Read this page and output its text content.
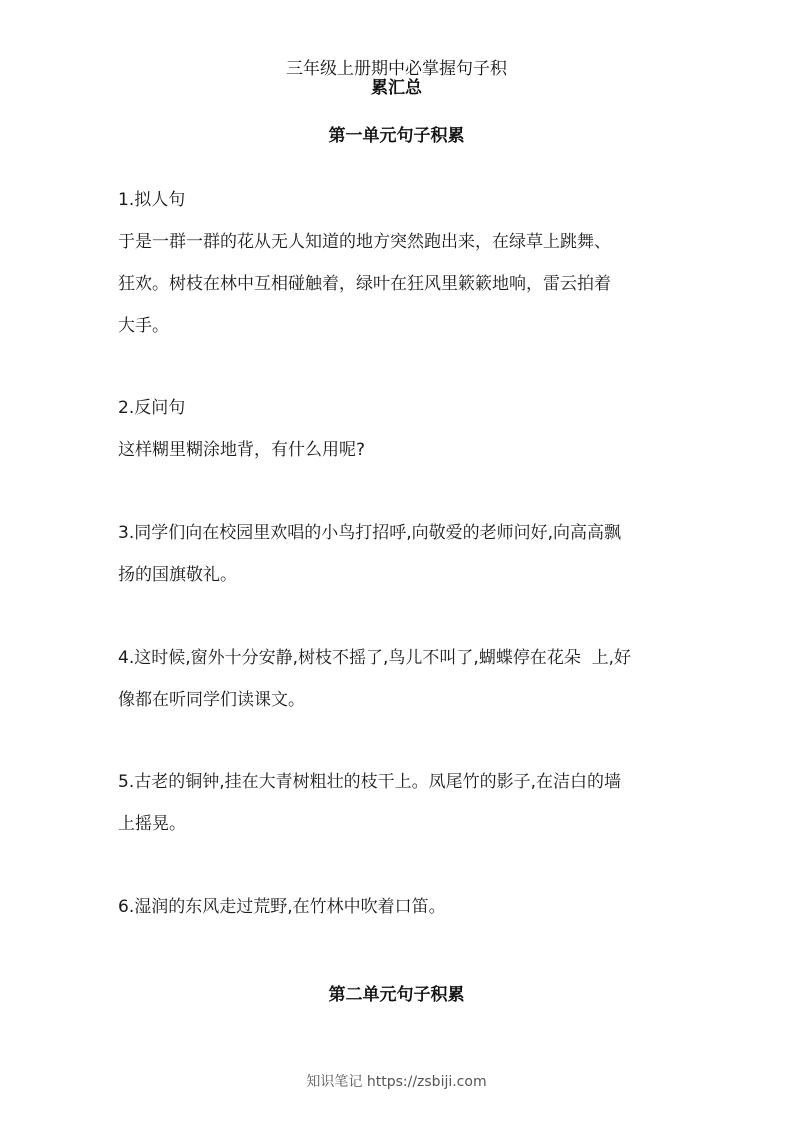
三年级上册期中必掌握句子积
累汇总
第一单元句子积累

1.拟人句

于是一群一群的花从无人知道的地方突然跑出来，在绿草上跳舞、

狂欢。树枝在林中互相碰触着，绿叶在狂风里簌簌地响，雷云拍着

大手。

2.反问句

这样糊里糊涂地背，有什么用呢?

3.同学们向在校园里欢唱的小鸟打招呼,向敬爱的老师问好,向高高飘

扬的国旗敬礼。

4.这时候,窗外十分安静,树枝不摇了,鸟儿不叫了,蝴蝶停在花朵  上,好

像都在听同学们读课文。

5.古老的铜钟,挂在大青树粗壮的枝干上。凤尾竹的影子,在洁白的墙

上摇晃。

6.湿润的东风走过荒野,在竹林中吹着口笛。

第二单元句子积累
知识笔记 https://zsbiji.com
